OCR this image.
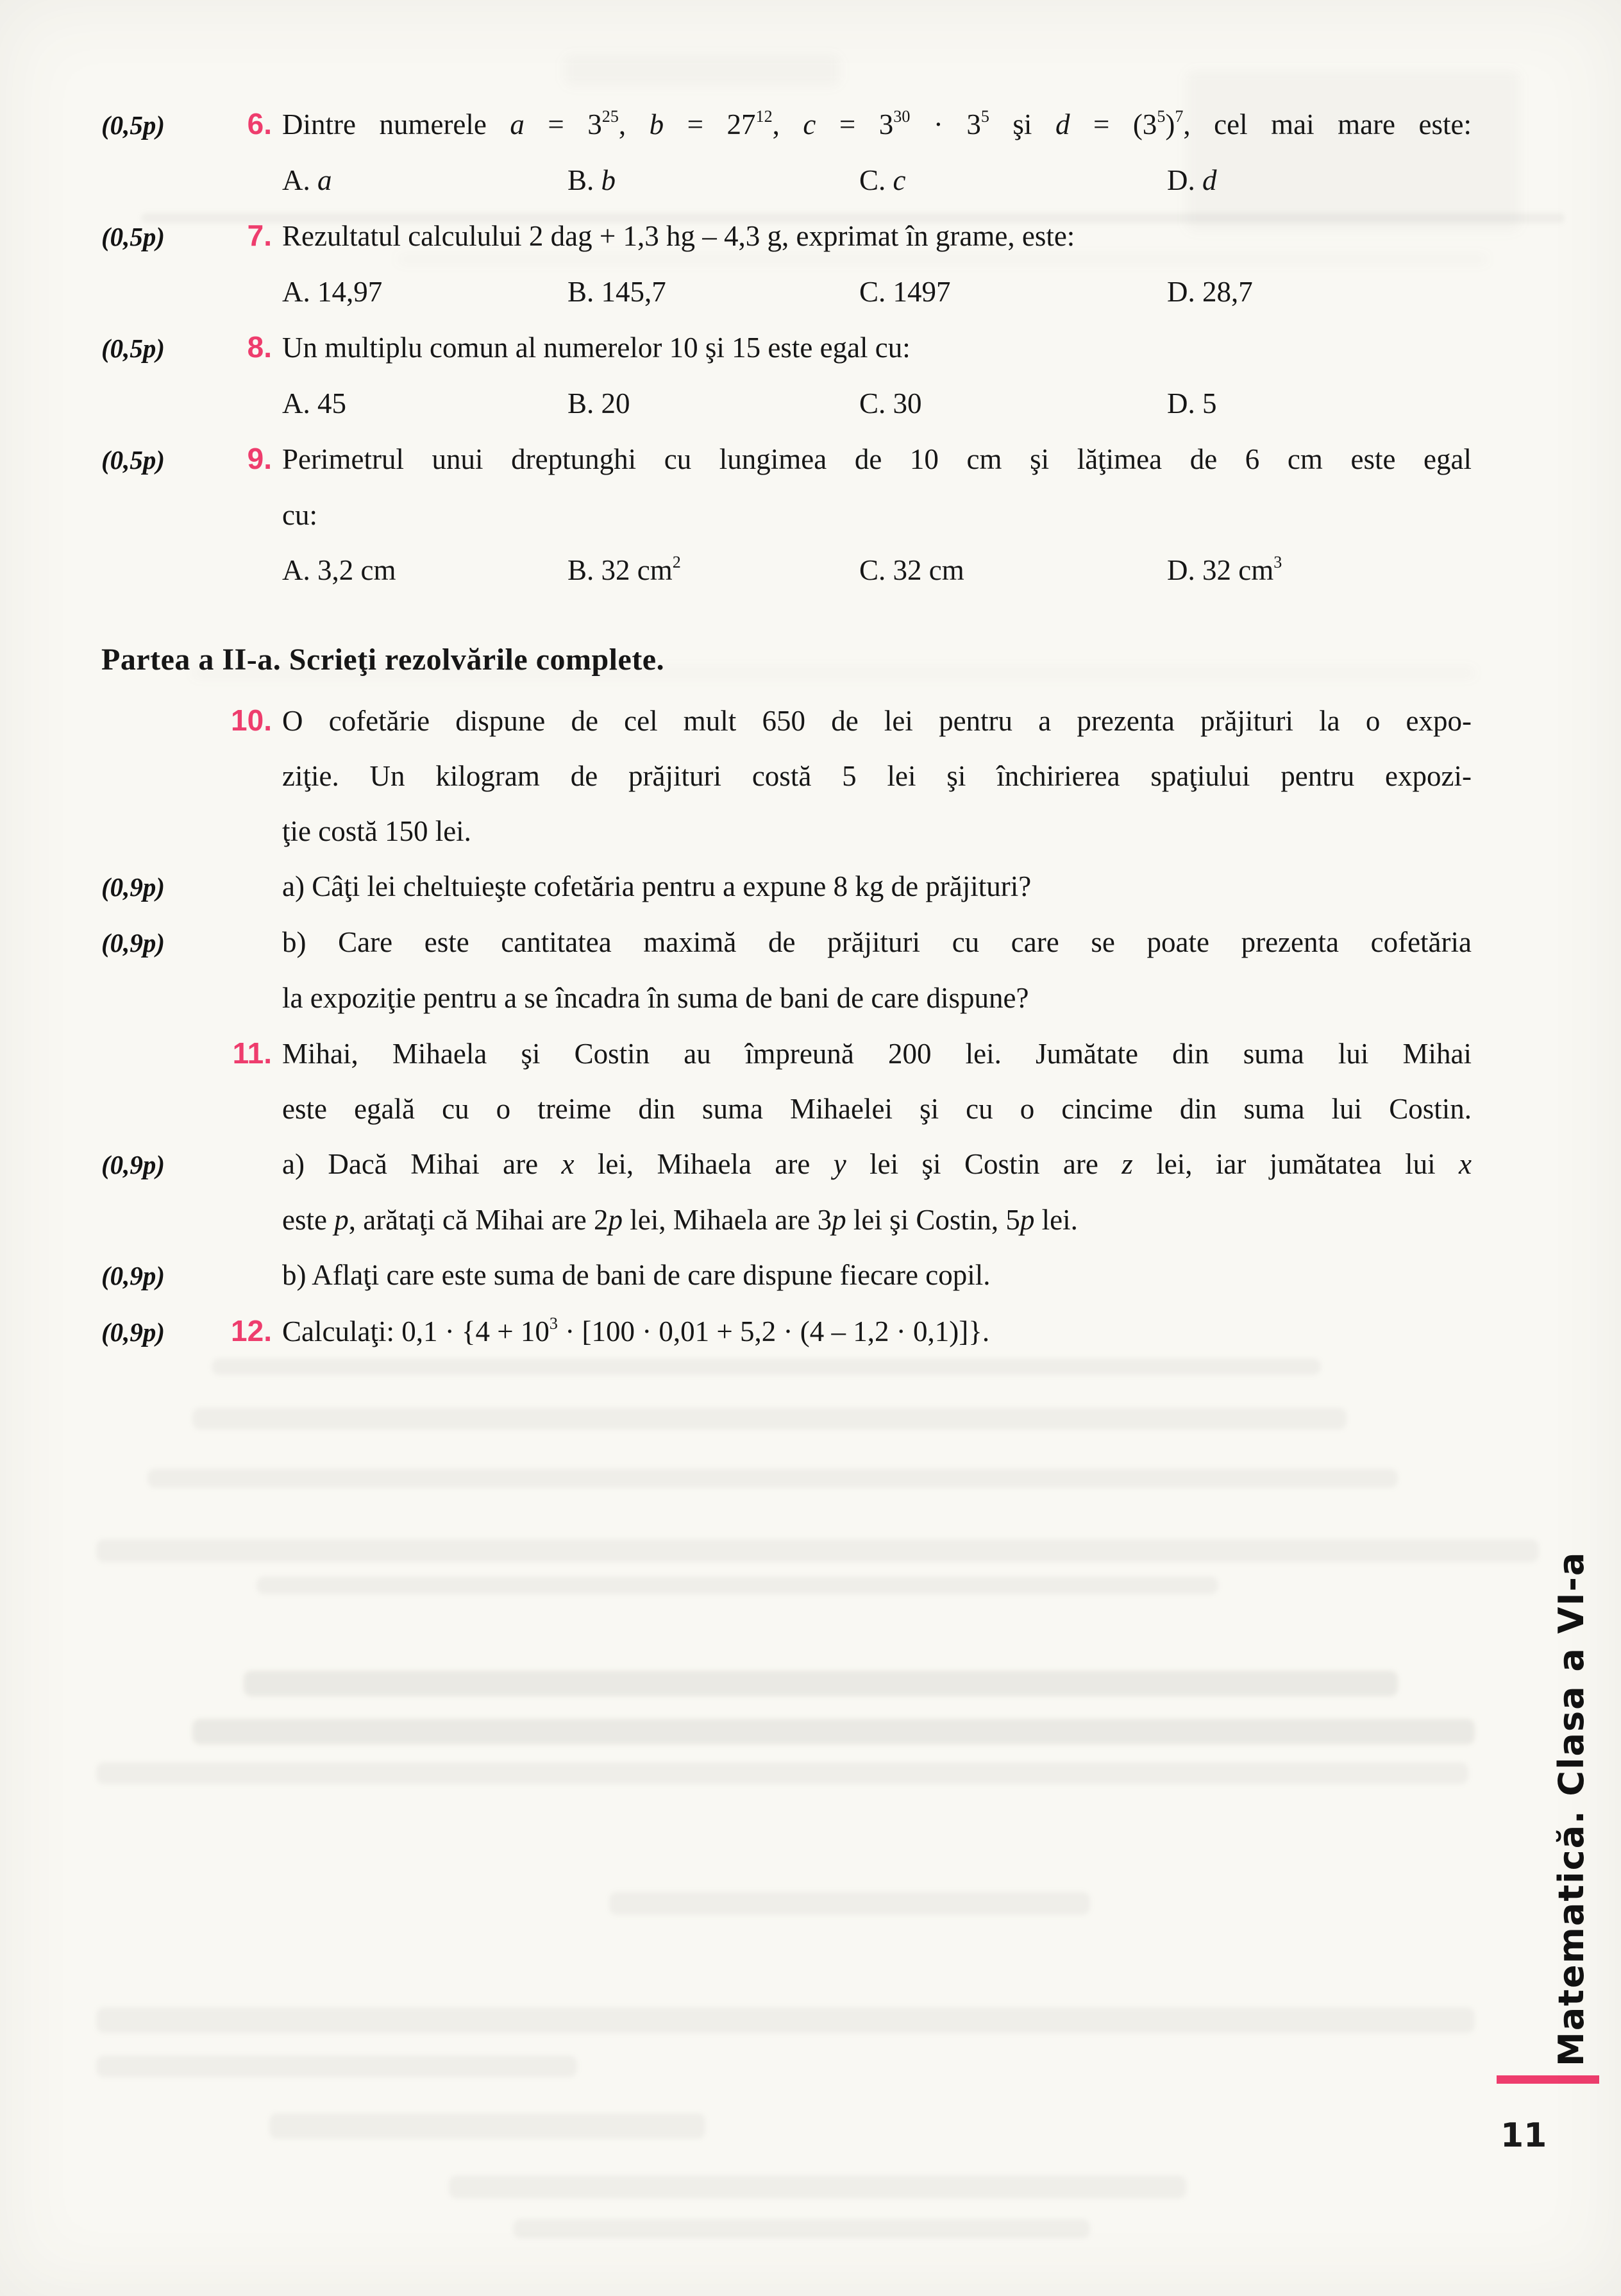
(0,5p)	6. Dintre numerele $a = 3^{25}$, $b = 27^{12}$, $c = 3^{30} \cdot 3^5$ şi $d = (3^5)^7$, cel mai mare este:
A. a	B. b	C. c	D. d
(0,5p)	7. Rezultatul calculului 2 dag + 1,3 hg – 4,3 g, exprimat în grame, este:
A. 14,97	B. 145,7	C. 1497	D. 28,7
(0,5p)	8. Un multiplu comun al numerelor 10 şi 15 este egal cu:
A. 45	B. 20	C. 30	D. 5
(0,5p)	9. Perimetrul unui dreptunghi cu lungimea de 10 cm şi lăţimea de 6 cm este egal
cu:
A. 3,2 cm	B. 32 $cm^2$	C. 32 cm	D. 32 $cm^3$
Partea a II-a. Scrieţi rezolvările complete.
10. O cofetărie dispune de cel mult 650 de lei pentru a prezenta prăjituri la o expo-
ziţie. Un kilogram de prăjituri costă 5 lei şi închirierea spaţiului pentru expozi-
ţie costă 150 lei.
(0,9p)	a) Câţi lei cheltuieşte cofetăria pentru a expune 8 kg de prăjituri?
(0,9p)	b) Care este cantitatea maximă de prăjituri cu care se poate prezenta cofetăria
la expoziţie pentru a se încadra în suma de bani de care dispune?
11. Mihai, Mihaela şi Costin au împreună 200 lei. Jumătate din suma lui Mihai
este egală cu o treime din suma Mihaelei şi cu o cincime din suma lui Costin.
(0,9p)	a) Dacă Mihai are x lei, Mihaela are y lei şi Costin are z lei, iar jumătatea lui x
este p, arătaţi că Mihai are 2p lei, Mihaela are 3p lei şi Costin, 5p lei.
(0,9p)	b) Aflaţi care este suma de bani de care dispune fiecare copil.
(0,9p)	12. Calculaţi: $0,1 \cdot \{4 + 10^3 \cdot [100 \cdot 0,01 + 5,2 \cdot (4 - 1,2 \cdot 0,1)]\}$.
Matematică. Clasa a VI-a
11
